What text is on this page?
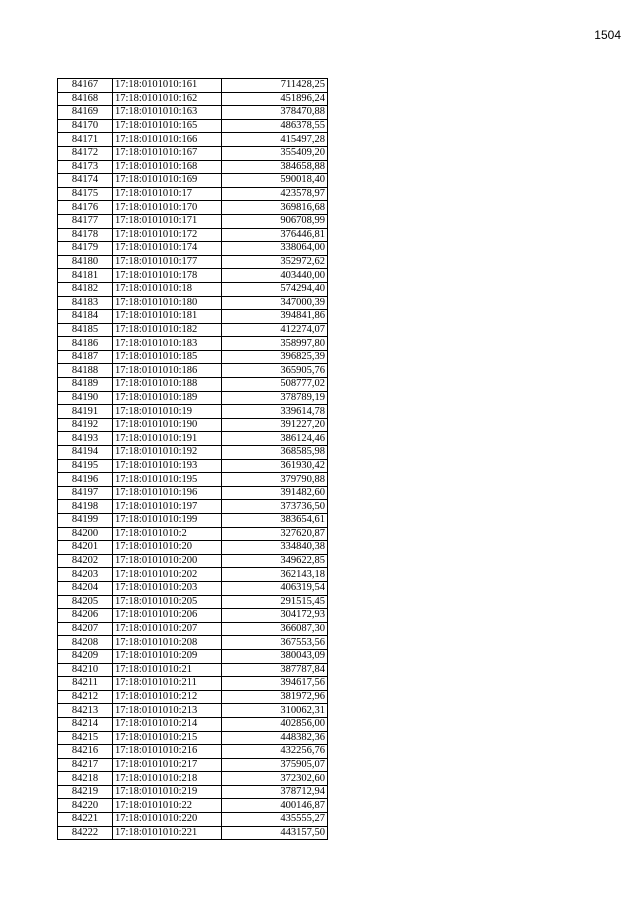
1504
84167	17:18:0101010:161	711428,25
84168	17:18:0101010:162	451896,24
84169	17:18:0101010:163	378470,88
84170	17:18:0101010:165	486378,55
84171	17:18:0101010:166	415497,28
84172	17:18:0101010:167	355409,20
84173	17:18:0101010:168	384658,88
84174	17:18:0101010:169	590018,40
84175	17:18:0101010:17	423578,97
84176	17:18:0101010:170	369816,68
84177	17:18:0101010:171	906708,99
84178	17:18:0101010:172	376446,81
84179	17:18:0101010:174	338064,00
84180	17:18:0101010:177	352972,62
84181	17:18:0101010:178	403440,00
84182	17:18:0101010:18	574294,40
84183	17:18:0101010:180	347000,39
84184	17:18:0101010:181	394841,86
84185	17:18:0101010:182	412274,07
84186	17:18:0101010:183	358997,80
84187	17:18:0101010:185	396825,39
84188	17:18:0101010:186	365905,76
84189	17:18:0101010:188	508777,02
84190	17:18:0101010:189	378789,19
84191	17:18:0101010:19	339614,78
84192	17:18:0101010:190	391227,20
84193	17:18:0101010:191	386124,46
84194	17:18:0101010:192	368585,98
84195	17:18:0101010:193	361930,42
84196	17:18:0101010:195	379790,88
84197	17:18:0101010:196	391482,60
84198	17:18:0101010:197	373736,50
84199	17:18:0101010:199	383654,61
84200	17:18:0101010:2	327620,87
84201	17:18:0101010:20	334840,38
84202	17:18:0101010:200	349622,85
84203	17:18:0101010:202	362143,18
84204	17:18:0101010:203	406319,54
84205	17:18:0101010:205	291515,45
84206	17:18:0101010:206	304172,93
84207	17:18:0101010:207	366087,30
84208	17:18:0101010:208	367553,56
84209	17:18:0101010:209	380043,09
84210	17:18:0101010:21	387787,84
84211	17:18:0101010:211	394617,56
84212	17:18:0101010:212	381972,96
84213	17:18:0101010:213	310062,31
84214	17:18:0101010:214	402856,00
84215	17:18:0101010:215	448382,36
84216	17:18:0101010:216	432256,76
84217	17:18:0101010:217	375905,07
84218	17:18:0101010:218	372302,60
84219	17:18:0101010:219	378712,94
84220	17:18:0101010:22	400146,87
84221	17:18:0101010:220	435555,27
84222	17:18:0101010:221	443157,50
